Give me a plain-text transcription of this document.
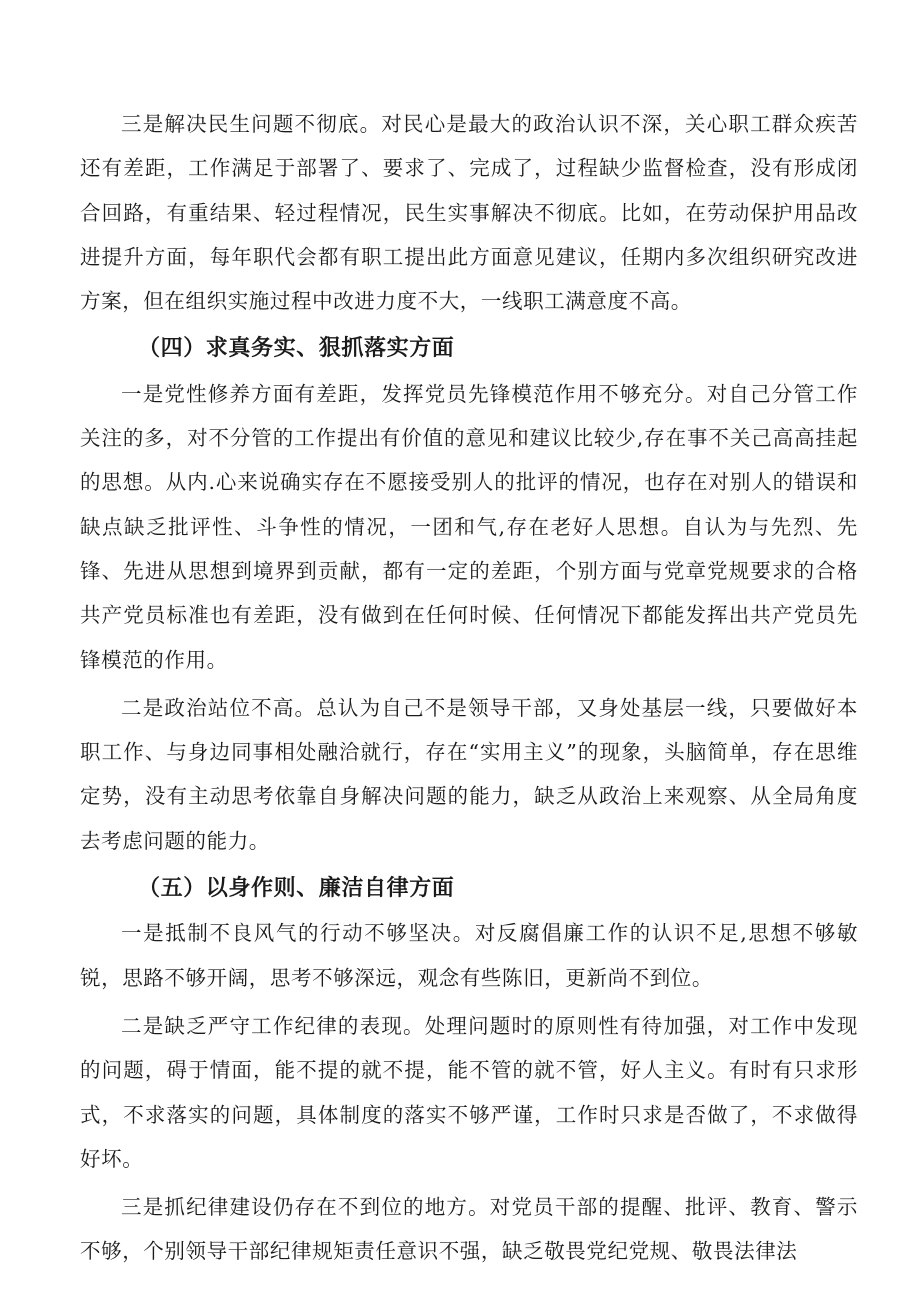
三是解决民生问题不彻底。对民心是最大的政治认识不深，关心职工群众疾苦还有差距，工作满足于部署了、要求了、完成了，过程缺少监督检查，没有形成闭合回路，有重结果、轻过程情况，民生实事解决不彻底。比如，在劳动保护用品改进提升方面，每年职代会都有职工提出此方面意见建议，任期内多次组织研究改进方案，但在组织实施过程中改进力度不大，一线职工满意度不高。

（四）求真务实、狠抓落实方面

一是党性修养方面有差距，发挥党员先锋模范作用不够充分。对自己分管工作关注的多，对不分管的工作提出有价值的意见和建议比较少,存在事不关己高高挂起的思想。从内.心来说确实存在不愿接受别人的批评的情况，也存在对别人的错误和缺点缺乏批评性、斗争性的情况，一团和气,存在老好人思想。自认为与先烈、先锋、先进从思想到境界到贡献，都有一定的差距，个别方面与党章党规要求的合格共产党员标准也有差距，没有做到在任何时候、任何情况下都能发挥出共产党员先锋模范的作用。

二是政治站位不高。总认为自己不是领导干部，又身处基层一线，只要做好本职工作、与身边同事相处融洽就行，存在“实用主义”的现象，头脑简单，存在思维定势，没有主动思考依靠自身解决问题的能力，缺乏从政治上来观察、从全局角度去考虑问题的能力。

（五）以身作则、廉洁自律方面

一是抵制不良风气的行动不够坚决。对反腐倡廉工作的认识不足,思想不够敏锐，思路不够开阔，思考不够深远，观念有些陈旧，更新尚不到位。

二是缺乏严守工作纪律的表现。处理问题时的原则性有待加强，对工作中发现的问题，碍于情面，能不提的就不提，能不管的就不管，好人主义。有时有只求形式，不求落实的问题，具体制度的落实不够严谨，工作时只求是否做了，不求做得好坏。

三是抓纪律建设仍存在不到位的地方。对党员干部的提醒、批评、教育、警示不够，个别领导干部纪律规矩责任意识不强，缺乏敬畏党纪党规、敬畏法律法
